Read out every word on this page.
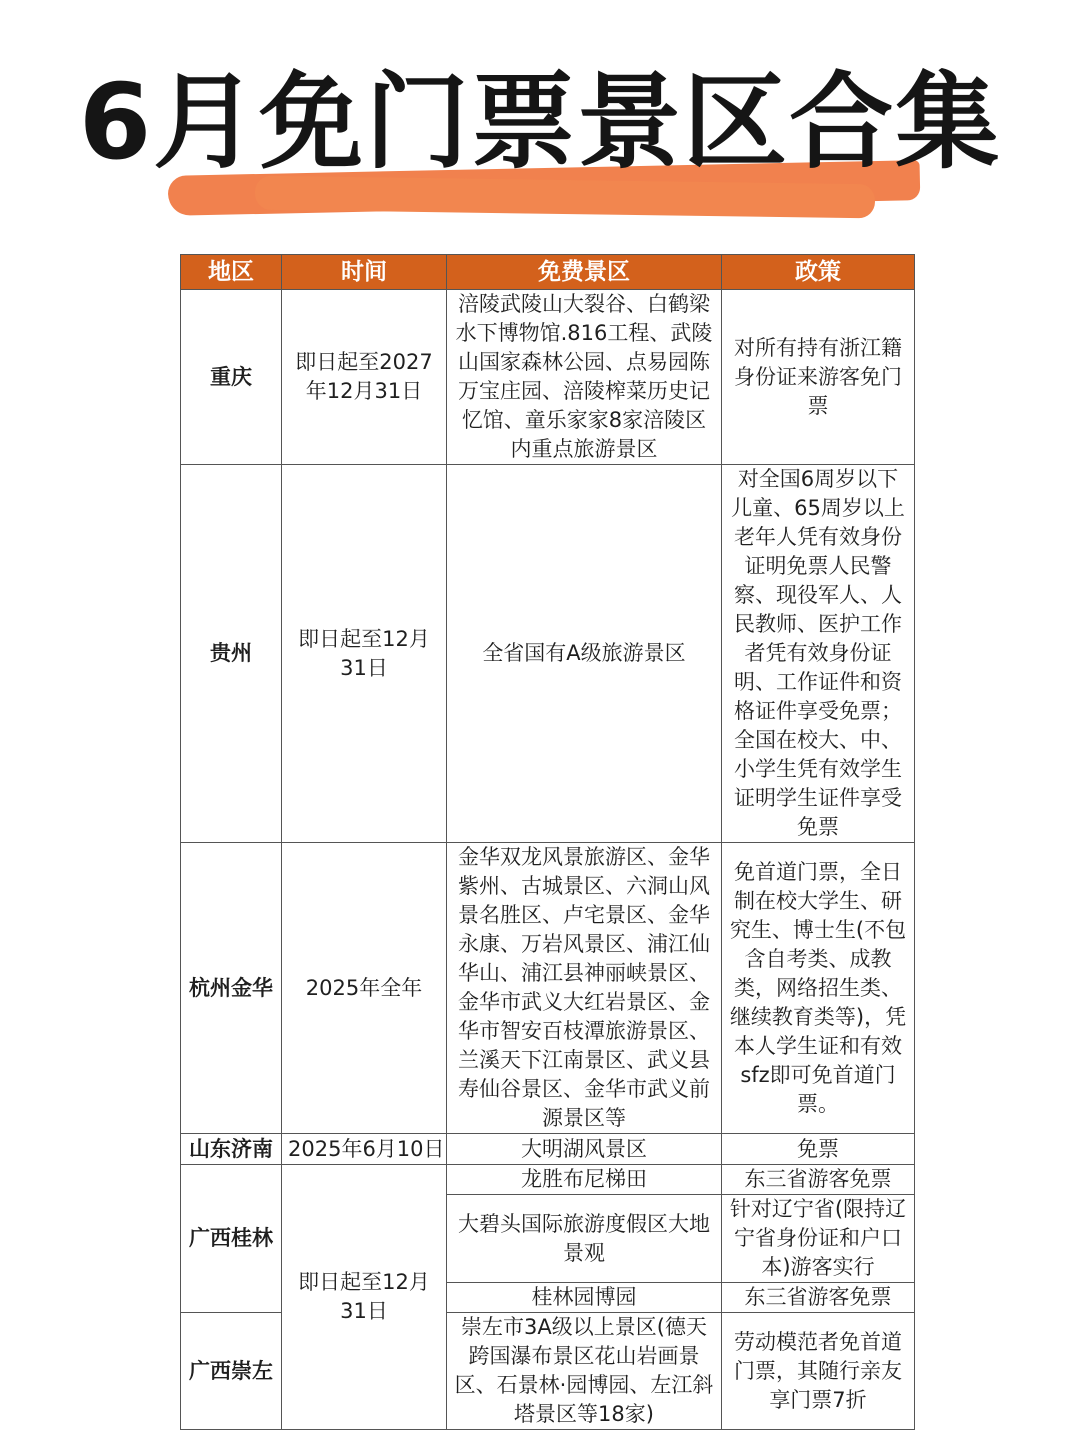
6月免门票景区合集
地区	时间	免费景区	政策
重庆	即日起至2027年12月31日	涪陵武陵山大裂谷、白鹤梁水下博物馆.816工程、武陵山国家森林公园、点易园陈万宝庄园、涪陵榨菜历史记忆馆、童乐家家8家涪陵区内重点旅游景区	对所有持有浙江籍身份证来游客免门票
贵州	即日起至12月31日	全省国有A级旅游景区	对全国6周岁以下儿童、65周岁以上老年人凭有效身份证明免票人民警察、现役军人、人民教师、医护工作者凭有效身份证明、工作证件和资格证件享受免票；全国在校大、中、小学生凭有效学生证明学生证件享受免票
杭州金华	2025年全年	金华双龙风景旅游区、金华紫州、古城景区、六洞山风景名胜区、卢宅景区、金华永康、万岩风景区、浦江仙华山、浦江县神丽峡景区、金华市武义大红岩景区、金华市智安百枝潭旅游景区、兰溪天下江南景区、武义县寿仙谷景区、金华市武义前源景区等	免首道门票，全日制在校大学生、研究生、博士生(不包含自考类、成教类，网络招生类、继续教育类等)，凭本人学生证和有效sfz即可免首道门票。
山东济南	2025年6月10日	大明湖风景区	免票
广西桂林	即日起至12月31日	龙胜布尼梯田	东三省游客免票
		大碧头国际旅游度假区大地景观	针对辽宁省(限持辽宁省身份证和户口本)游客实行
		桂林园博园	东三省游客免票
广西崇左		崇左市3A级以上景区(德天跨国瀑布景区花山岩画景区、石景林·园博园、左江斜塔景区等18家)	劳动模范者免首道门票，其随行亲友享门票7折
